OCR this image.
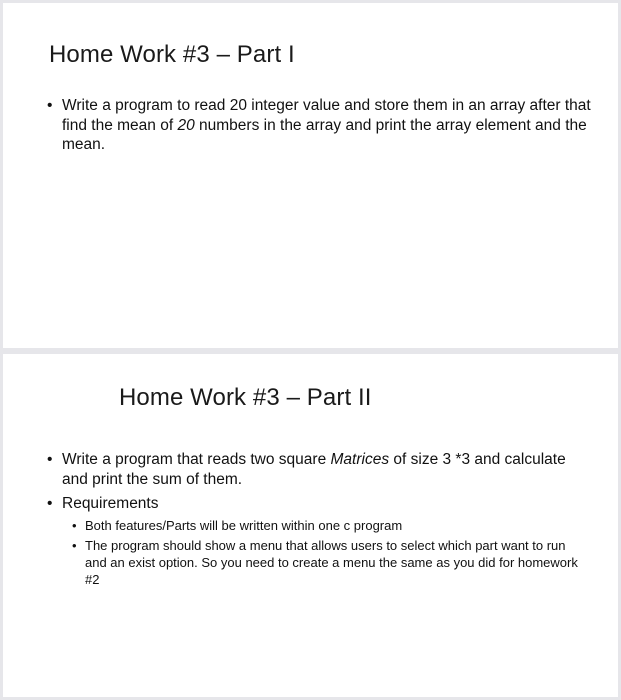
Home Work #3 – Part I
• Write a program to read 20 integer value and store them in an array after that find the mean of 20 numbers in the array and print the array element and the mean.
Home Work #3 – Part II
• Write a program that reads two square Matrices of size 3 *3 and calculate and print the sum of them.
• Requirements
• Both features/Parts will be written within one c program
• The program should show a menu that allows users to select which part want to run and an exist option. So you need to create a menu the same as you did for homework #2
